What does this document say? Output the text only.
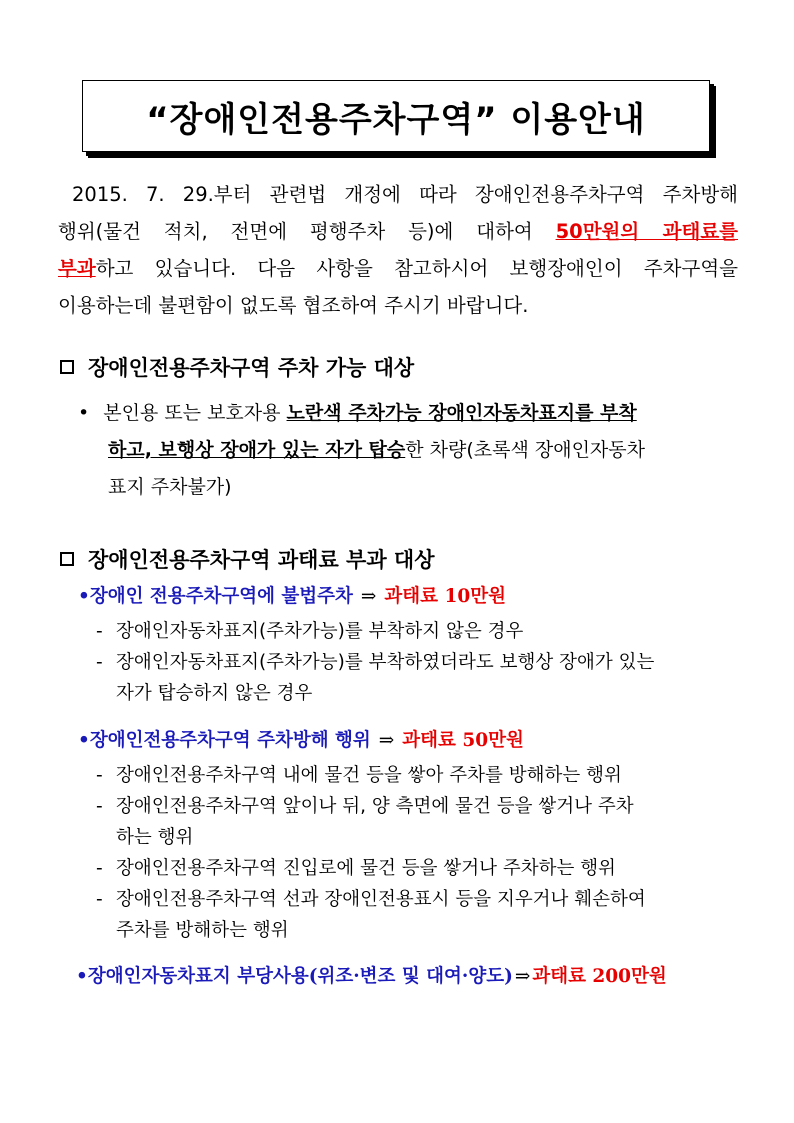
“장애인전용주차구역” 이용안내
2015. 7. 29.부터 관련법 개정에 따라 장애인전용주차구역 주차방해
행위(물건 적치, 전면에 평행주차 등)에 대하여 50만원의 과태료를
부과하고 있습니다. 다음 사항을 참고하시어 보행장애인이 주차구역을
이용하는데 불편함이 없도록 협조하여 주시기 바랍니다.
장애인전용주차구역 주차 가능 대상
• 본인용 또는 보호자용 노란색 주차가능 장애인자동차표지를 부착
하고, 보행상 장애가 있는 자가 탑승한 차량(초록색 장애인자동차
표지 주차불가)
장애인전용주차구역 과태료 부과 대상
•장애인 전용주차구역에 불법주차 ⇒ 과태료 10만원
- 장애인자동차표지(주차가능)를 부착하지 않은 경우
- 장애인자동차표지(주차가능)를 부착하였더라도 보행상 장애가 있는
자가 탑승하지 않은 경우
•장애인전용주차구역 주차방해 행위 ⇒ 과태료 50만원
- 장애인전용주차구역 내에 물건 등을 쌓아 주차를 방해하는 행위
- 장애인전용주차구역 앞이나 뒤, 양 측면에 물건 등을 쌓거나 주차
하는 행위
- 장애인전용주차구역 진입로에 물건 등을 쌓거나 주차하는 행위
- 장애인전용주차구역 선과 장애인전용표시 등을 지우거나 훼손하여
주차를 방해하는 행위
•장애인자동차표지 부당사용(위조·변조 및 대여·양도) ⇒ 과태료 200만원
